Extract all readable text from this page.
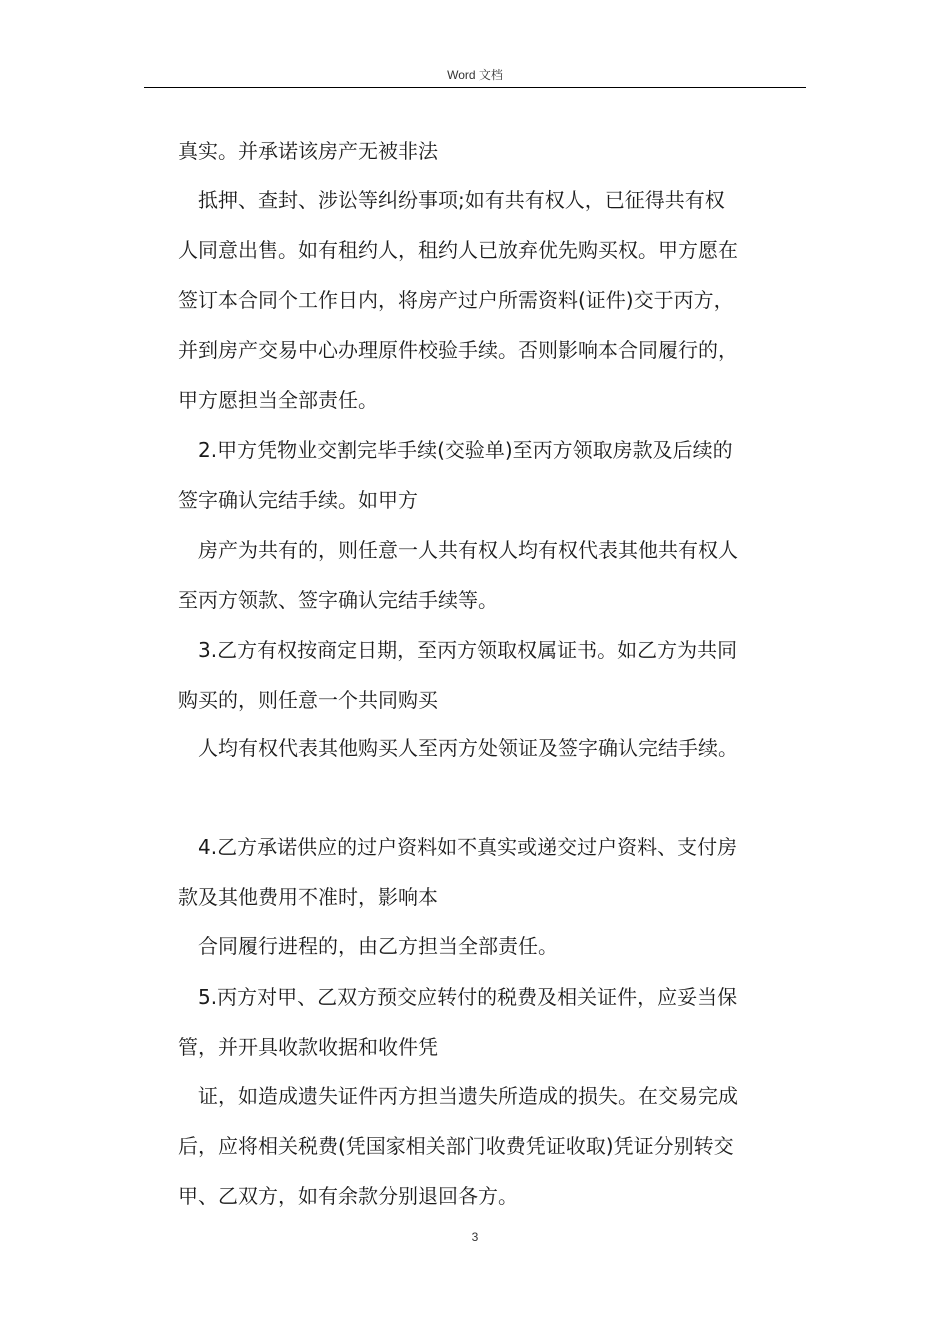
Word 文档
真实。并承诺该房产无被非法
抵押、查封、涉讼等纠纷事项;如有共有权人，已征得共有权
人同意出售。如有租约人，租约人已放弃优先购买权。甲方愿在
签订本合同个工作日内，将房产过户所需资料(证件)交于丙方，
并到房产交易中心办理原件校验手续。否则影响本合同履行的，
甲方愿担当全部责任。
2.甲方凭物业交割完毕手续(交验单)至丙方领取房款及后续的
签字确认完结手续。如甲方
房产为共有的，则任意一人共有权人均有权代表其他共有权人
至丙方领款、签字确认完结手续等。
3.乙方有权按商定日期，至丙方领取权属证书。如乙方为共同
购买的，则任意一个共同购买
人均有权代表其他购买人至丙方处领证及签字确认完结手续。
4.乙方承诺供应的过户资料如不真实或递交过户资料、支付房
款及其他费用不准时，影响本
合同履行进程的，由乙方担当全部责任。
5.丙方对甲、乙双方预交应转付的税费及相关证件，应妥当保
管，并开具收款收据和收件凭
证，如造成遗失证件丙方担当遗失所造成的损失。在交易完成
后，应将相关税费(凭国家相关部门收费凭证收取)凭证分别转交
甲、乙双方，如有余款分别退回各方。
3
